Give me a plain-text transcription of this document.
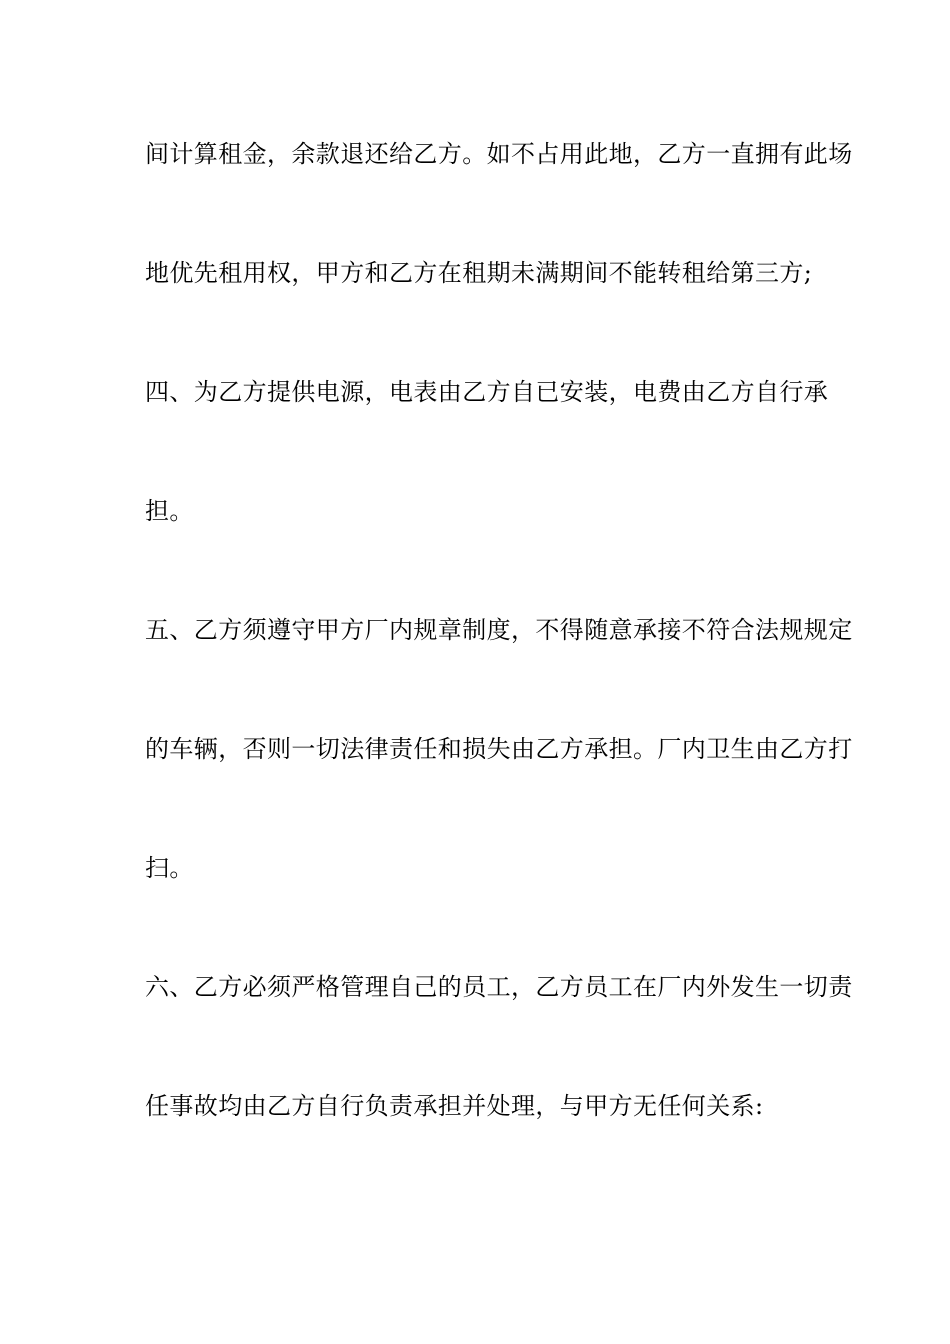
间计算租金，余款退还给乙方。如不占用此地，乙方一直拥有此场
地优先租用权，甲方和乙方在租期未满期间不能转租给第三方;
四、为乙方提供电源，电表由乙方自已安装，电费由乙方自行承
担。
五、乙方须遵守甲方厂内规章制度，不得随意承接不符合法规规定
的车辆，否则一切法律责任和损失由乙方承担。厂内卫生由乙方打
扫。
六、乙方必须严格管理自己的员工，乙方员工在厂内外发生一切责
任事故均由乙方自行负责承担并处理，与甲方无任何关系:
